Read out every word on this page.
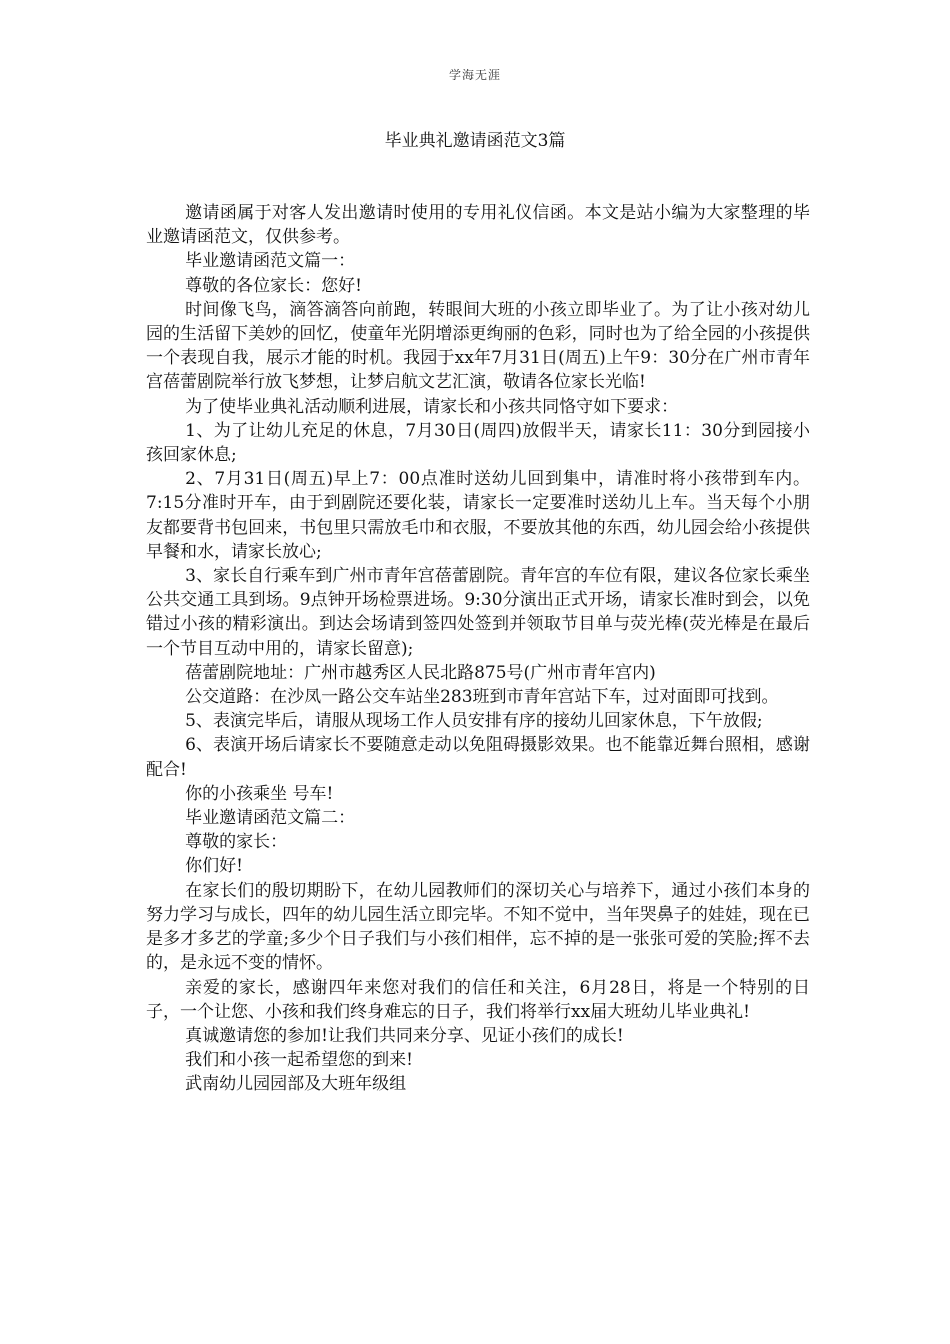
学海无涯
毕业典礼邀请函范文3篇

邀请函属于对客人发出邀请时使用的专用礼仪信函。本文是站小编为大家整理的毕业邀请函范文，仅供参考。

毕业邀请函范文篇一：

尊敬的各位家长：您好!

时间像飞鸟，滴答滴答向前跑，转眼间大班的小孩立即毕业了。为了让小孩对幼儿园的生活留下美妙的回忆，使童年光阴增添更绚丽的色彩，同时也为了给全园的小孩提供一个表现自我，展示才能的时机。我园于xx年7月31日(周五)上午9：30分在广州市青年宫蓓蕾剧院举行放飞梦想，让梦启航文艺汇演，敬请各位家长光临!

为了使毕业典礼活动顺利进展，请家长和小孩共同恪守如下要求：

1、为了让幼儿充足的休息，7月30日(周四)放假半天，请家长11：30分到园接小孩回家休息;

2、7月31日(周五)早上7：00点准时送幼儿回到集中，请准时将小孩带到车内。7:15分准时开车，由于到剧院还要化装，请家长一定要准时送幼儿上车。当天每个小朋友都要背书包回来，书包里只需放毛巾和衣服，不要放其他的东西，幼儿园会给小孩提供早餐和水，请家长放心;

3、家长自行乘车到广州市青年宫蓓蕾剧院。青年宫的车位有限，建议各位家长乘坐公共交通工具到场。9点钟开场检票进场。9:30分演出正式开场，请家长准时到会，以免错过小孩的精彩演出。到达会场请到签四处签到并领取节目单与荧光棒(荧光棒是在最后一个节目互动中用的，请家长留意);

蓓蕾剧院地址：广州市越秀区人民北路875号(广州市青年宫内)

公交道路：在沙凤一路公交车站坐283班到市青年宫站下车，过对面即可找到。

5、表演完毕后，请服从现场工作人员安排有序的接幼儿回家休息，下午放假;

6、表演开场后请家长不要随意走动以免阻碍摄影效果。也不能靠近舞台照相，感谢配合!

你的小孩乘坐 号车!

毕业邀请函范文篇二：

尊敬的家长：

你们好!

在家长们的殷切期盼下，在幼儿园教师们的深切关心与培养下，通过小孩们本身的努力学习与成长，四年的幼儿园生活立即完毕。不知不觉中，当年哭鼻子的娃娃，现在已是多才多艺的学童;多少个日子我们与小孩们相伴，忘不掉的是一张张可爱的笑脸;挥不去的，是永远不变的情怀。

亲爱的家长，感谢四年来您对我们的信任和关注，6月28日，将是一个特别的日子，一个让您、小孩和我们终身难忘的日子，我们将举行xx届大班幼儿毕业典礼!

真诚邀请您的参加!让我们共同来分享、见证小孩们的成长!

我们和小孩一起希望您的到来!

武南幼儿园园部及大班年级组
